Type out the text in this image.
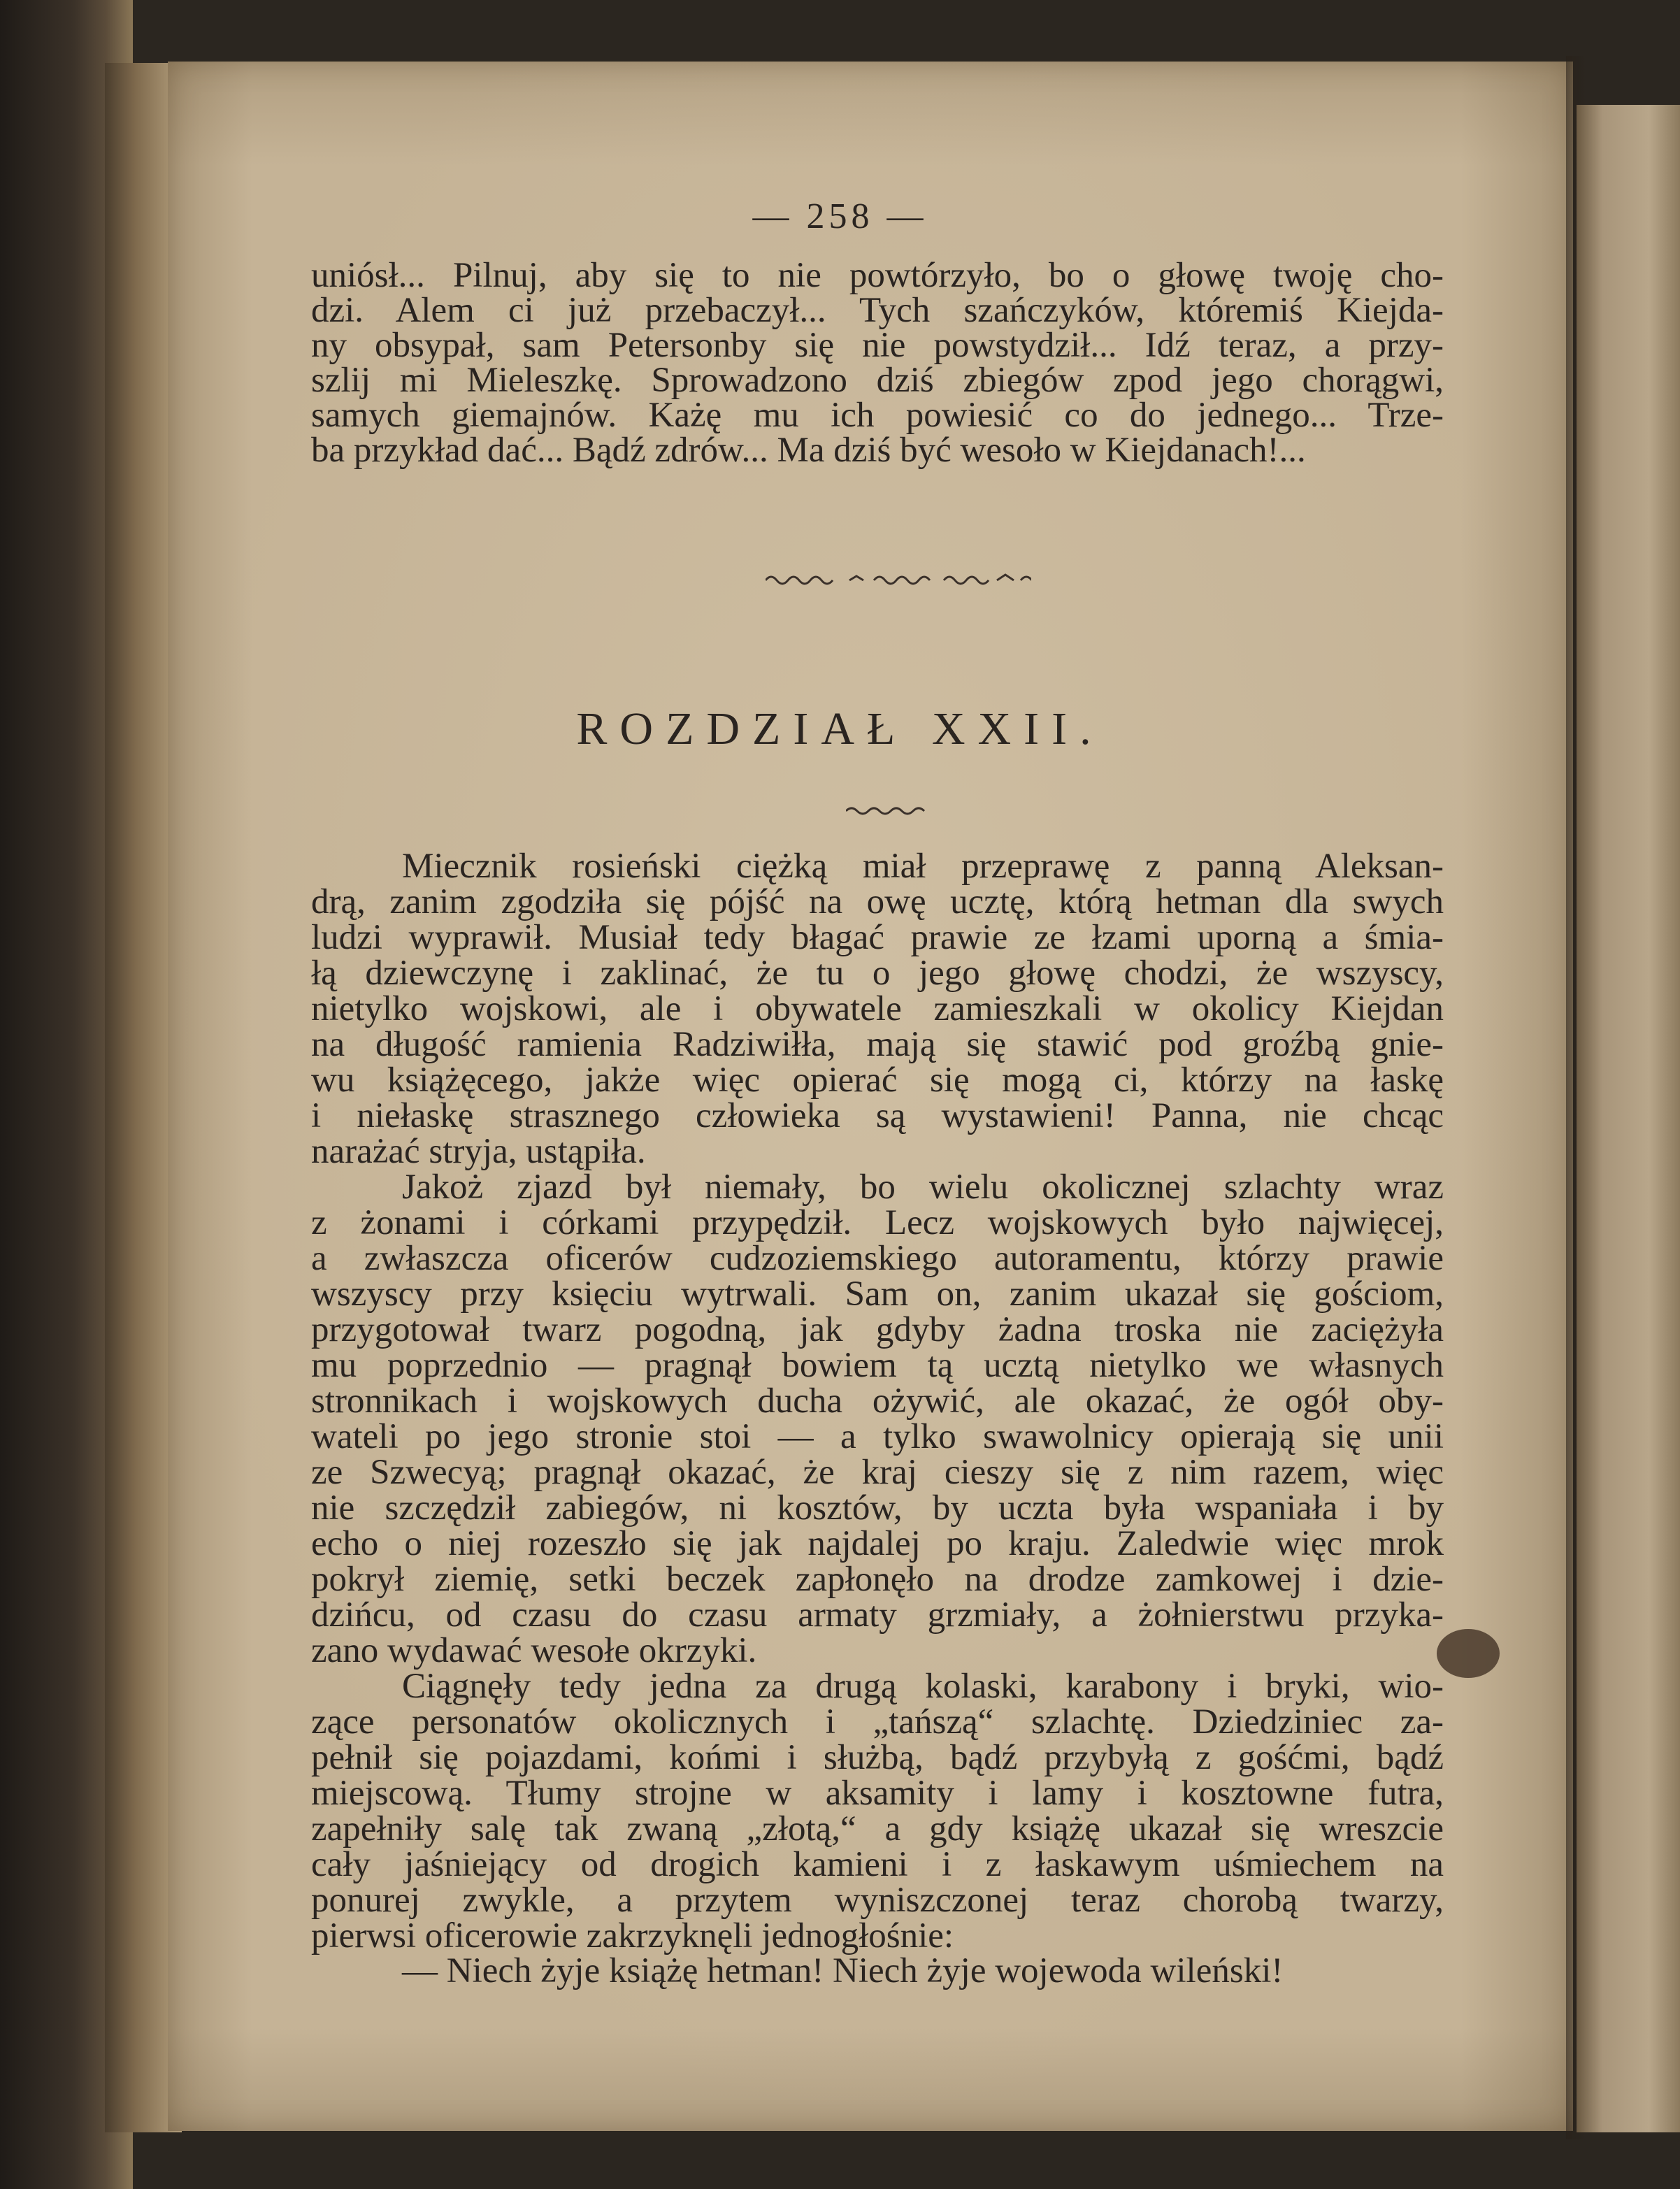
— 258 —
uniósł... Pilnuj, aby się to nie powtórzyło, bo o głowę twoję cho-
dzi. Alem ci już przebaczył... Tych szańczyków, któremiś Kiejda-
ny obsypał, sam Petersonby się nie powstydził... Idź teraz, a przy-
szlij mi Mieleszkę. Sprowadzono dziś zbiegów zpod jego chorągwi,
samych giemajnów. Każę mu ich powiesić co do jednego... Trze-
ba przykład dać... Bądź zdrów... Ma dziś być wesoło w Kiejdanach!...
ROZDZIAŁ XXII.
Miecznik rosieński ciężką miał przeprawę z panną Aleksan-
drą, zanim zgodziła się pójść na owę ucztę, którą hetman dla swych
ludzi wyprawił. Musiał tedy błagać prawie ze łzami uporną a śmia-
łą dziewczynę i zaklinać, że tu o jego głowę chodzi, że wszyscy,
nietylko wojskowi, ale i obywatele zamieszkali w okolicy Kiejdan
na długość ramienia Radziwiłła, mają się stawić pod groźbą gnie-
wu książęcego, jakże więc opierać się mogą ci, którzy na łaskę
i niełaskę strasznego człowieka są wystawieni! Panna, nie chcąc
narażać stryja, ustąpiła.
Jakoż zjazd był niemały, bo wielu okolicznej szlachty wraz
z żonami i córkami przypędził. Lecz wojskowych było najwięcej,
a zwłaszcza oficerów cudzoziemskiego autoramentu, którzy prawie
wszyscy przy księciu wytrwali. Sam on, zanim ukazał się gościom,
przygotował twarz pogodną, jak gdyby żadna troska nie zaciężyła
mu poprzednio — pragnął bowiem tą ucztą nietylko we własnych
stronnikach i wojskowych ducha ożywić, ale okazać, że ogół oby-
wateli po jego stronie stoi — a tylko swawolnicy opierają się unii
ze Szwecyą; pragnął okazać, że kraj cieszy się z nim razem, więc
nie szczędził zabiegów, ni kosztów, by uczta była wspaniała i by
echo o niej rozeszło się jak najdalej po kraju. Zaledwie więc mrok
pokrył ziemię, setki beczek zapłonęło na drodze zamkowej i dzie-
dzińcu, od czasu do czasu armaty grzmiały, a żołnierstwu przyka-
zano wydawać wesołe okrzyki.
Ciągnęły tedy jedna za drugą kolaski, karabony i bryki, wio-
zące personatów okolicznych i „tańszą“ szlachtę. Dziedziniec za-
pełnił się pojazdami, końmi i służbą, bądź przybyłą z gośćmi, bądź
miejscową. Tłumy strojne w aksamity i lamy i kosztowne futra,
zapełniły salę tak zwaną „złotą,“ a gdy książę ukazał się wreszcie
cały jaśniejący od drogich kamieni i z łaskawym uśmiechem na
ponurej zwykle, a przytem wyniszczonej teraz chorobą twarzy,
pierwsi oficerowie zakrzyknęli jednogłośnie:
— Niech żyje książę hetman! Niech żyje wojewoda wileński!
